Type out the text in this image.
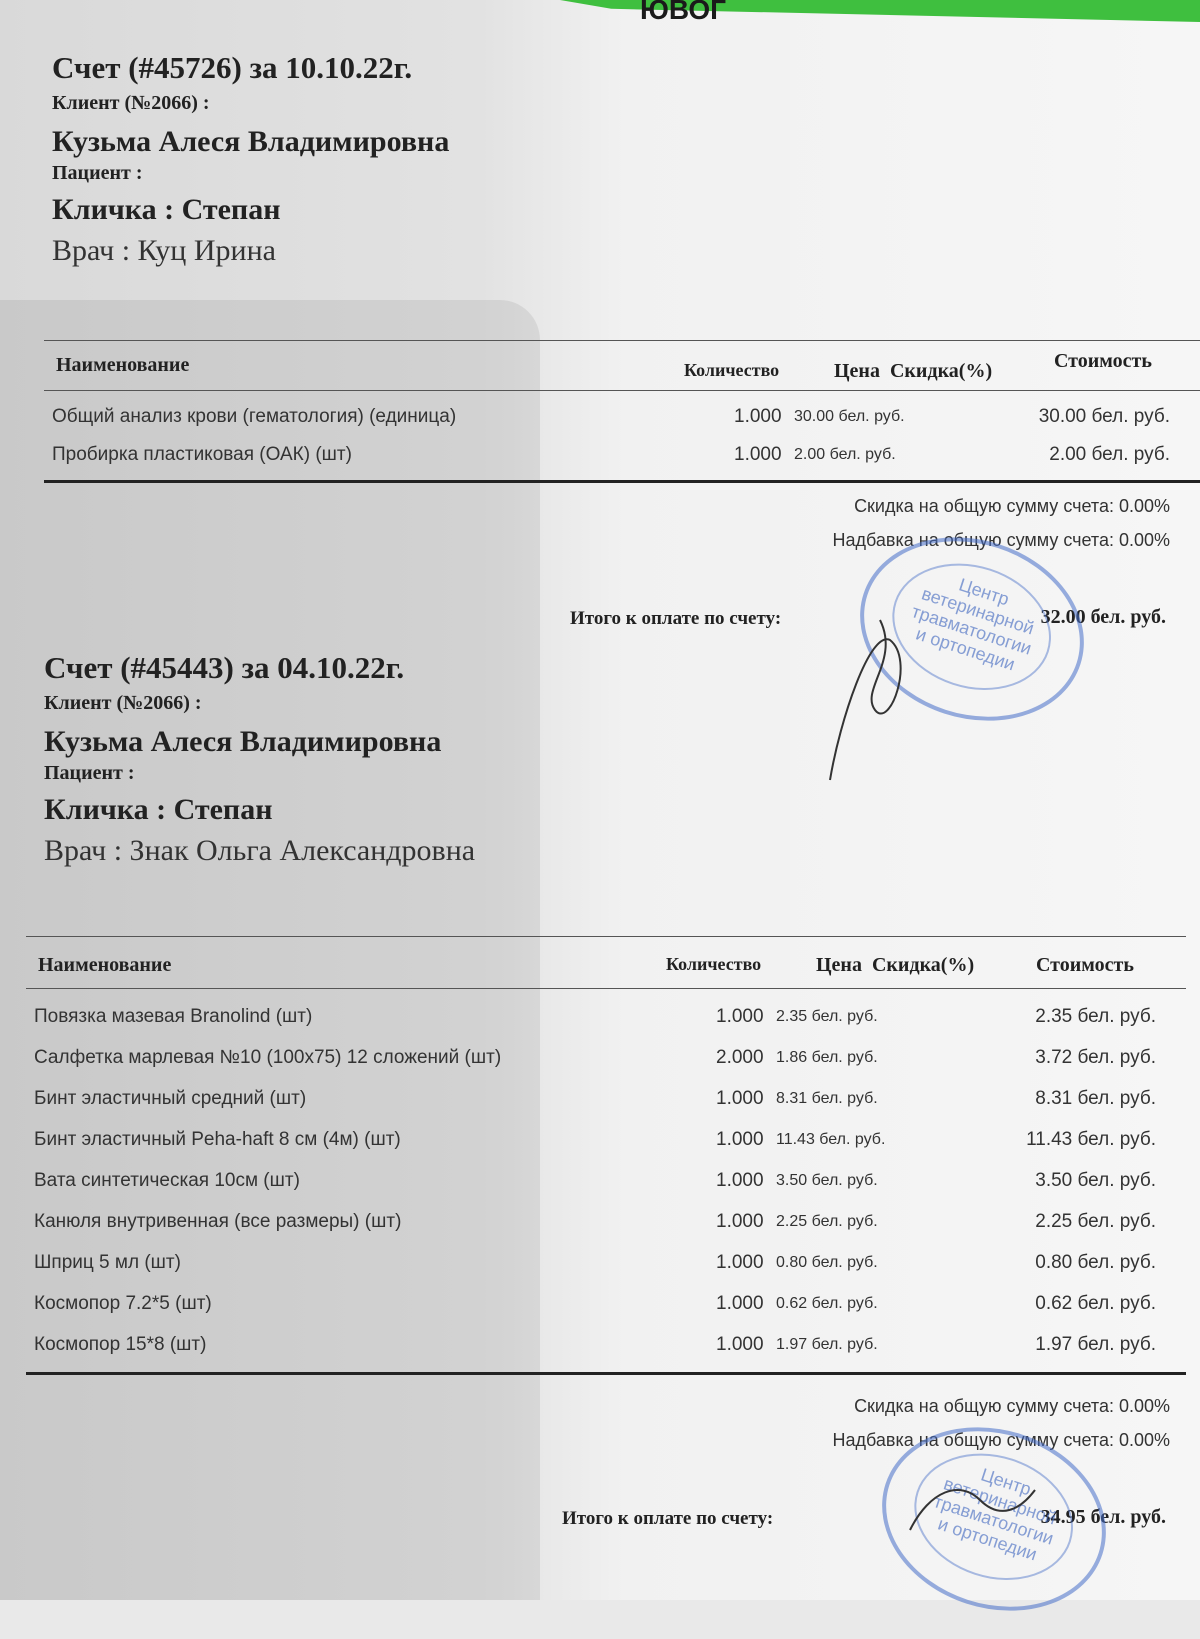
ЮВОГ
Счет (#45726) за 10.10.22г.
Клиент (№2066) :
Кузьма Алеся Владимировна
Пациент :
Кличка : Степан
Врач : Куц Ирина
Наименование	Количество	Цена Скидка(%)	Стоимость
Общий анализ крови (гематология) (единица)	1.000 30.00 бел. руб.	30.00 бел. руб.
Пробирка пластиковая (ОАК) (шт)	1.000 2.00 бел. руб.	2.00 бел. руб.
Скидка на общую сумму счета: 0.00%
Надбавка на общую сумму счета: 0.00%
Итого к оплате по счету:	32.00 бел. руб.
Центр ветеринарной травматологии и ортопедии
Счет (#45443) за 04.10.22г.
Клиент (№2066) :
Кузьма Алеся Владимировна
Пациент :
Кличка : Степан
Врач : Знак Ольга Александровна
Наименование	Количество	Цена Скидка(%)	Стоимость
Повязка мазевая Branolind (шт)	1.000 2.35 бел. руб.	2.35 бел. руб.
Салфетка марлевая №10 (100х75) 12 сложений (шт)	2.000 1.86 бел. руб.	3.72 бел. руб.
Бинт эластичный средний (шт)	1.000 8.31 бел. руб.	8.31 бел. руб.
Бинт эластичный Peha-haft 8 см (4м) (шт)	1.000 11.43 бел. руб.	11.43 бел. руб.
Вата синтетическая 10см (шт)	1.000 3.50 бел. руб.	3.50 бел. руб.
Канюля внутривенная (все размеры) (шт)	1.000 2.25 бел. руб.	2.25 бел. руб.
Шприц 5 мл (шт)	1.000 0.80 бел. руб.	0.80 бел. руб.
Космопор 7.2*5 (шт)	1.000 0.62 бел. руб.	0.62 бел. руб.
Космопор 15*8 (шт)	1.000 1.97 бел. руб.	1.97 бел. руб.
Скидка на общую сумму счета: 0.00%
Надбавка на общую сумму счета: 0.00%
Итого к оплате по счету:	34.95 бел. руб.
Центр ветеринарной травматологии и ортопедии
